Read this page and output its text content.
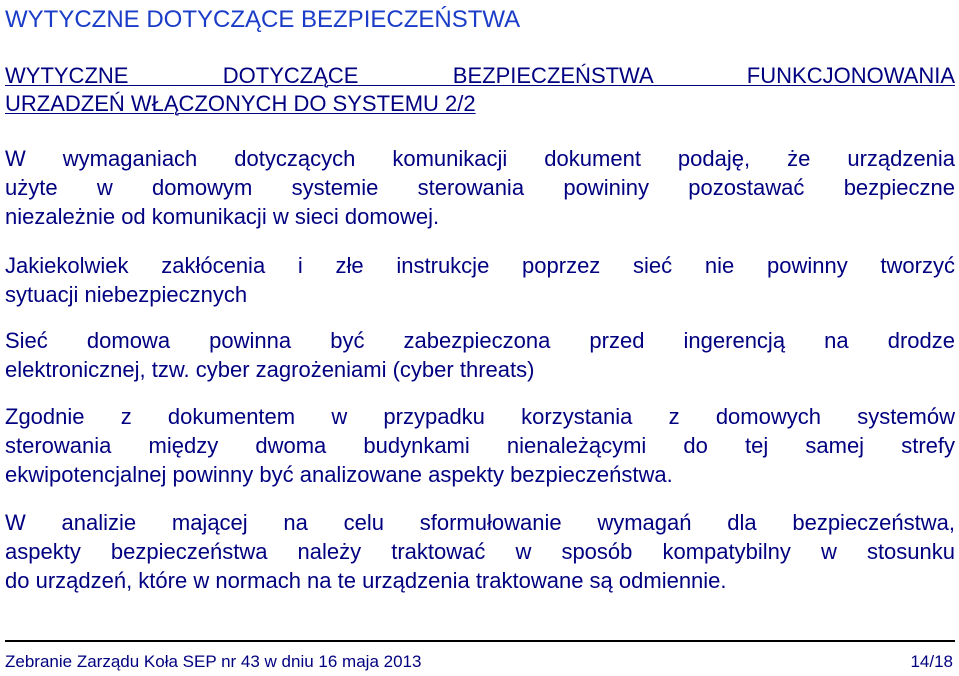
WYTYCZNE DOTYCZĄCE BEZPIECZEŃSTWA
WYTYCZNE DOTYCZĄCE BEZPIECZEŃSTWA FUNKCJONOWANIA
URZADZEŃ WŁĄCZONYCH DO SYSTEMU 2/2
W wymaganiach dotyczących komunikacji dokument podaję, że urządzenia
użyte w domowym systemie sterowania powininy pozostawać bezpieczne
niezależnie od komunikacji w sieci domowej.
Jakiekolwiek zakłócenia i złe instrukcje poprzez sieć nie powinny tworzyć
sytuacji niebezpiecznych
Sieć domowa powinna być zabezpieczona przed ingerencją na drodze
elektronicznej, tzw. cyber zagrożeniami (cyber threats)
Zgodnie z dokumentem w przypadku korzystania z domowych systemów
sterowania między dwoma budynkami nienależącymi do tej samej strefy
ekwipotencjalnej powinny być analizowane aspekty bezpieczeństwa.
W analizie mającej na celu sformułowanie wymagań dla bezpieczeństwa,
aspekty bezpieczeństwa należy traktować w sposób kompatybilny w stosunku
do urządzeń, które w normach na te urządzenia traktowane są odmiennie.
Zebranie Zarządu Koła SEP nr 43 w dniu 16 maja 2013	14/18
